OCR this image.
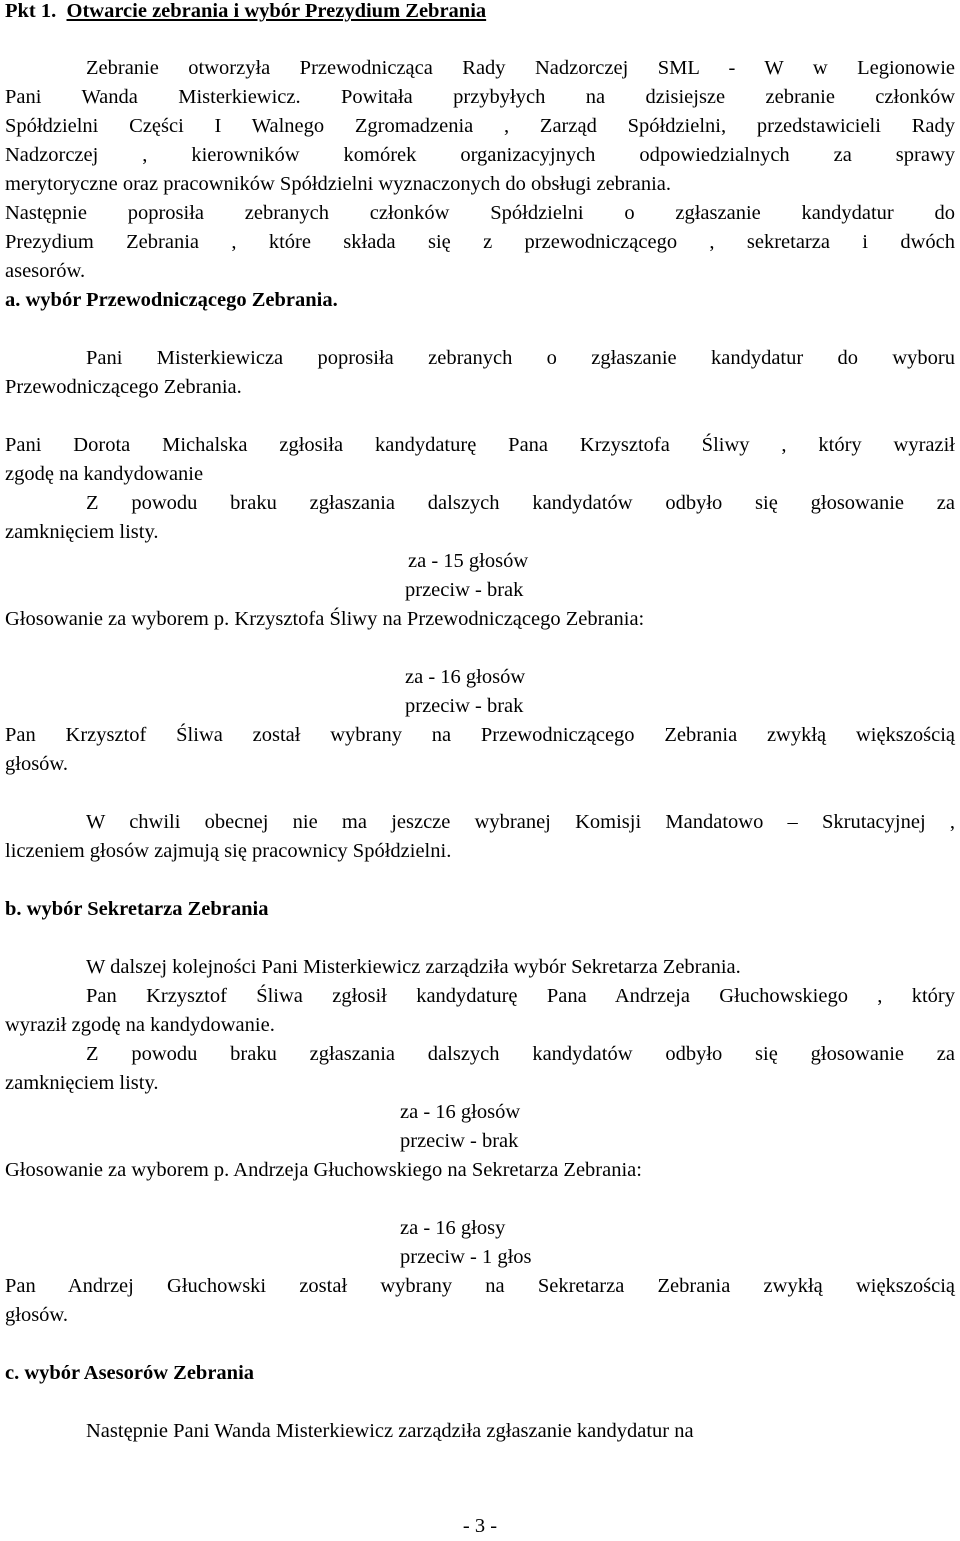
Pkt 1. Otwarcie zebrania i wybór Prezydium Zebrania
Zebranie otworzyła Przewodnicząca Rady Nadzorczej SML - W w Legionowie
Pani Wanda Misterkiewicz. Powitała przybyłych na dzisiejsze zebranie członków
Spółdzielni Części I Walnego Zgromadzenia , Zarząd Spółdzielni, przedstawicieli Rady
Nadzorczej , kierowników komórek organizacyjnych odpowiedzialnych za sprawy
merytoryczne oraz pracowników Spółdzielni wyznaczonych do obsługi zebrania.
Następnie poprosiła zebranych członków Spółdzielni o zgłaszanie kandydatur do
Prezydium Zebrania , które składa się z przewodniczącego , sekretarza i dwóch
asesorów.
a. wybór Przewodniczącego Zebrania.
Pani Misterkiewicza poprosiła zebranych o zgłaszanie kandydatur do wyboru
Przewodniczącego Zebrania.
Pani Dorota Michalska zgłosiła kandydaturę Pana Krzysztofa Śliwy , który wyraził
zgodę na kandydowanie
Z powodu braku zgłaszania dalszych kandydatów odbyło się głosowanie za
zamknięciem listy.
za - 15 głosów
przeciw - brak
Głosowanie za wyborem p. Krzysztofa Śliwy na Przewodniczącego Zebrania:
za - 16 głosów
przeciw - brak
Pan Krzysztof Śliwa został wybrany na Przewodniczącego Zebrania zwykłą większością
głosów.
W chwili obecnej nie ma jeszcze wybranej Komisji Mandatowo – Skrutacyjnej ,
liczeniem głosów zajmują się pracownicy Spółdzielni.
b. wybór Sekretarza Zebrania
W dalszej kolejności Pani Misterkiewicz zarządziła wybór Sekretarza Zebrania.
Pan Krzysztof Śliwa zgłosił kandydaturę Pana Andrzeja Głuchowskiego , który
wyraził zgodę na kandydowanie.
Z powodu braku zgłaszania dalszych kandydatów odbyło się głosowanie za
zamknięciem listy.
za - 16 głosów
przeciw - brak
Głosowanie za wyborem p. Andrzeja Głuchowskiego na Sekretarza Zebrania:
za - 16 głosy
przeciw - 1 głos
Pan Andrzej Głuchowski został wybrany na Sekretarza Zebrania zwykłą większością
głosów.
c. wybór Asesorów Zebrania
Następnie Pani Wanda Misterkiewicz zarządziła zgłaszanie kandydatur na
- 3 -
